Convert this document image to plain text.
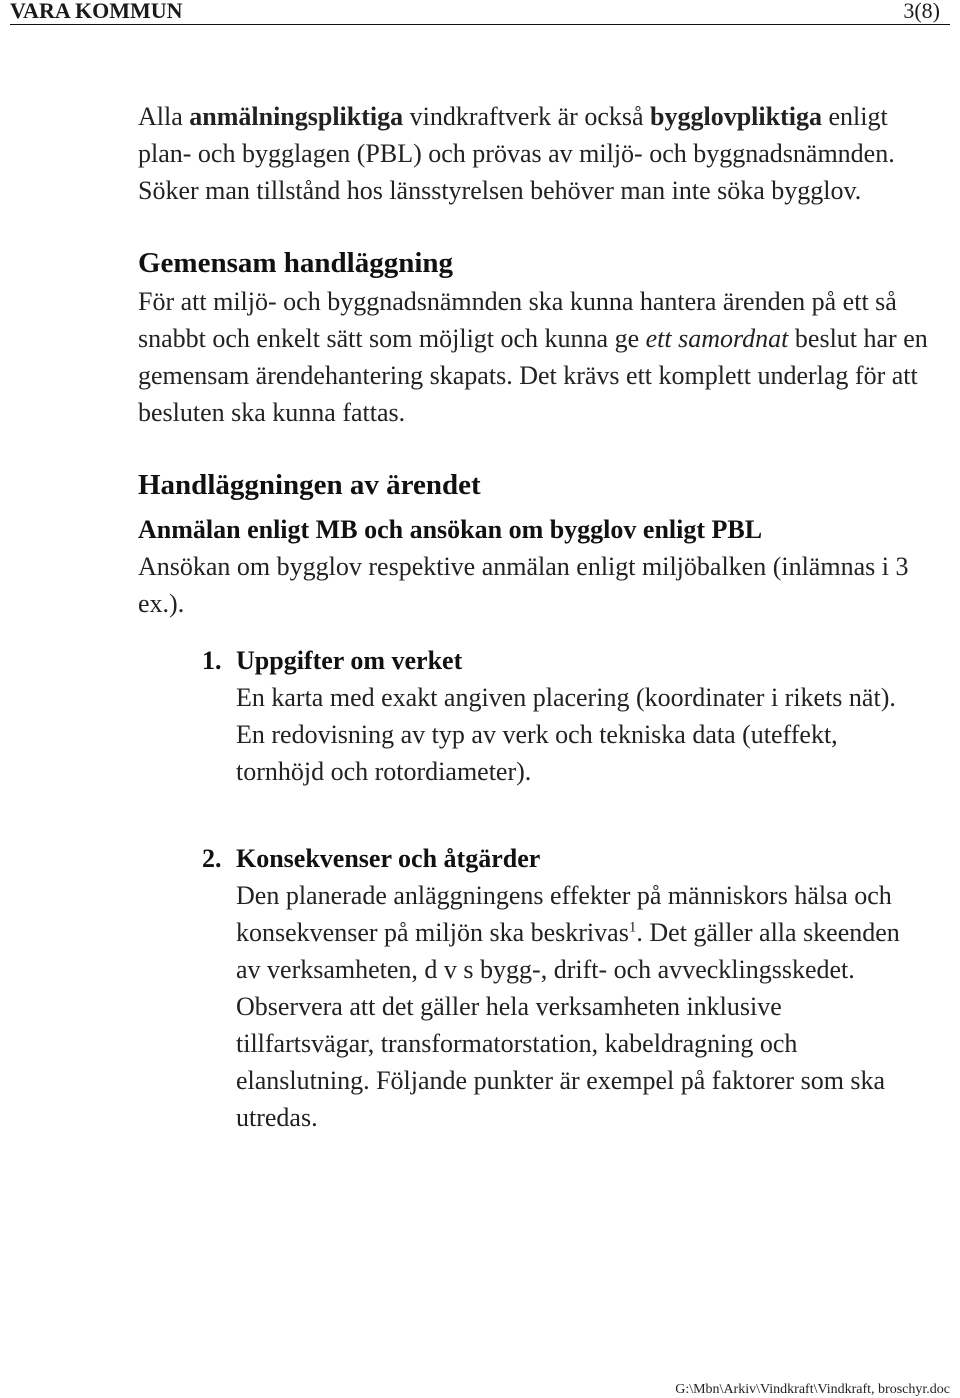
VARA KOMMUN	3(8)

Alla anmälningspliktiga vindkraftverk är också bygglovpliktiga enligt plan- och bygglagen (PBL) och prövas av miljö- och byggnadsnämnden. Söker man tillstånd hos länsstyrelsen behöver man inte söka bygglov.

Gemensam handläggning

För att miljö- och byggnadsnämnden ska kunna hantera ärenden på ett så snabbt och enkelt sätt som möjligt och kunna ge ett samordnat beslut har en gemensam ärendehantering skapats. Det krävs ett komplett underlag för att besluten ska kunna fattas.

Handläggningen av ärendet

Anmälan enligt MB och ansökan om bygglov enligt PBL

Ansökan om bygglov respektive anmälan enligt miljöbalken (inlämnas i 3 ex.).

1. Uppgifter om verket

En karta med exakt angiven placering (koordinater i rikets nät).

En redovisning av typ av verk och tekniska data (uteffekt, tornhöjd och rotordiameter).

2. Konsekvenser och åtgärder

Den planerade anläggningens effekter på människors hälsa och konsekvenser på miljön ska beskrivas$^1$. Det gäller alla skeenden av verksamheten, d v s bygg-, drift- och avvecklingsskedet. Observera att det gäller hela verksamheten inklusive tillfartsvägar, transformatorstation, kabeldragning och elanslutning. Följande punkter är exempel på faktorer som ska utredas.

G:\Mbn\Arkiv\Vindkraft\Vindkraft, broschyr.doc
